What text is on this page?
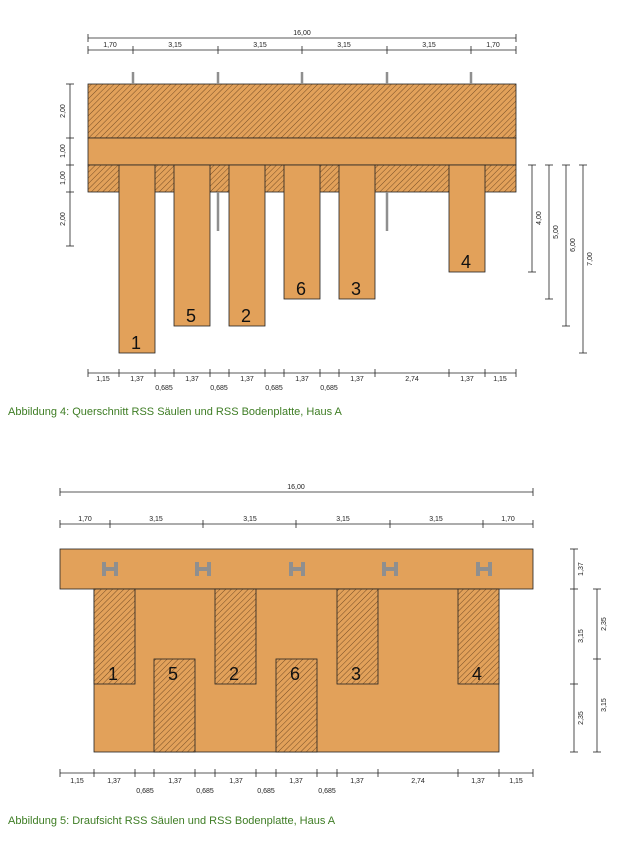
1
5 2
6 3
4
16,00
1,70	3,15	3,15	3,15	3,15	1,70
2,00
1,00
1,00
2,00	4,00
5,00
6,00
7,00
1,15	1,37	1,37	1,37	1,37	1,37	2,74	1,37	1,15
0,685	0,685	0,685	0,685
Abbildung 4: Querschnitt RSS Säulen und RSS Bodenplatte, Haus A
1	5	2	6	3	4
16,00
1,70	3,15	3,15	3,15	3,15	1,70
1,37
3,15
2,35
2,35
3,15
1,15	1,37	1,37	1,37	1,37	1,37	2,74	1,37	1,15
0,685	0,685	0,685	0,685
Abbildung 5: Draufsicht RSS Säulen und RSS Bodenplatte, Haus A
